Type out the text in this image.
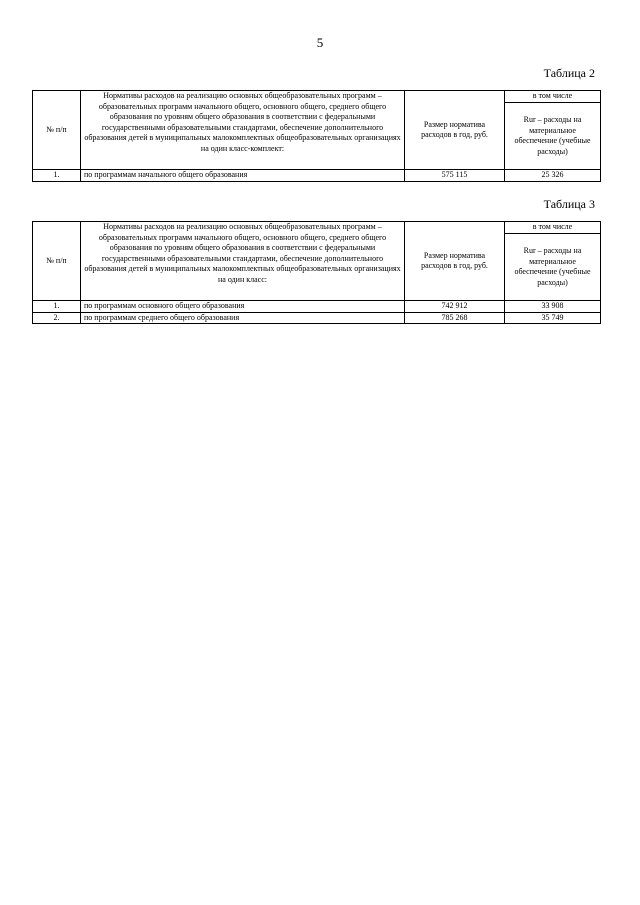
5
Таблица 2
№ п/п	Нормативы расходов на реализацию основных общеобразовательных программ – образовательных программ начального общего, основного общего, среднего общего образования по уровням общего образования в соответствии с федеральными государственными образовательными стандартами, обеспечение дополнительного образования детей в муниципальных малокомплектных общеобразовательных организациях на один класс-комплект:	Размер норматива расходов в год, руб.	в том числе
			Rur – расходы на материальное обеспечение (учебные расходы)
1.	по программам начального общего образования	575 115	25 326
Таблица 3
№ п/п	Нормативы расходов на реализацию основных общеобразовательных программ – образовательных программ начального общего, основного общего, среднего общего образования по уровням общего образования в соответствии с федеральными государственными образовательными стандартами, обеспечение дополнительного образования детей в муниципальных малокомплектных общеобразовательных организациях на один класс:	Размер норматива расходов в год, руб.	в том числе
			Rur – расходы на материальное обеспечение (учебные расходы)
1.	по программам основного общего образования	742 912	33 908
2.	по программам среднего общего образования	785 268	35 749
